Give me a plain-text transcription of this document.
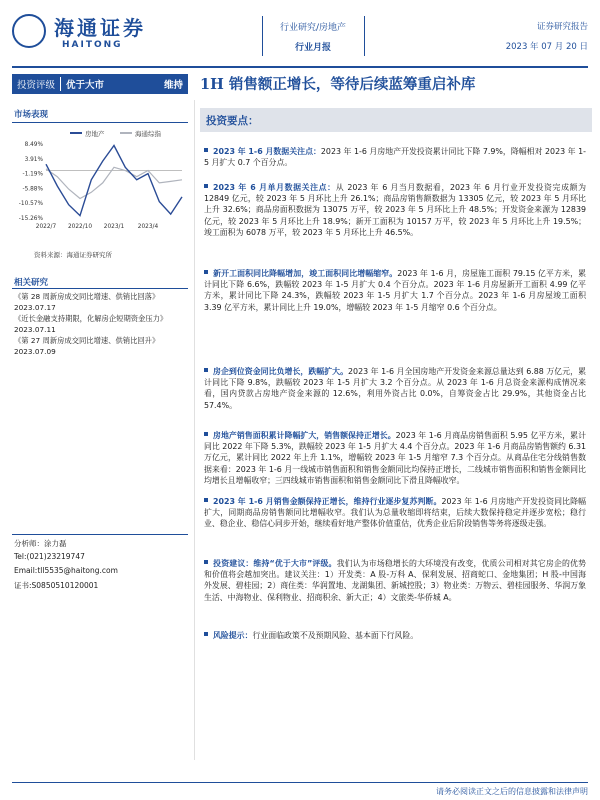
海通证券
HAITONG
行业研究/房地产
行业月报
证券研究报告
2023 年 07 月 20 日
投资评级	优于大市	维持	1H 销售额正增长，等待后续蓝筹重启补库
市场表现
房地产	海通综指
8.49%
3.91%
-1.19%
-5.88%
-10.57%
-15.26%
2022/7 2022/10 2023/1 2023/4
资料来源：海通证券研究所
相关研究
《第 28 周新房成交同比增速、供销比回落》2023.07.17
《近长金融支持期限，化解房企短期资金压力》2023.07.11
《第 27 周新房成交同比增速、供销比回升》2023.07.09
分析师：涂力磊
Tel:(021)23219747
Email:tll5535@haitong.com
证书:S0850510120001
投资要点：
2023 年 1-6 月数据关注点：2023 年 1-6 月房地产开发投资累计同比下降 7.9%，降幅相对 2023 年 1-5 月扩大 0.7 个百分点。
2023 年 6 月单月数据关注点：从 2023 年 6 月当月数据看，2023 年 6 月行业开发投资完成额为 12849 亿元，较 2023 年 5 月环比上升 26.1%；商品房销售额数据为 13305 亿元，较 2023 年 5 月环比上升 32.6%；商品房面积数据为 13075 万平，较 2023 年 5 月环比上升 48.5%；开发资金来源为 12839 亿元，较 2023 年 5 月环比上升 18.9%；新开工面积为 10157 万平，较 2023 年 5 月环比上升 19.5%；竣工面积为 6078 万平，较 2023 年 5 月环比上升 46.5%。
新开工面积同比降幅增加，竣工面积同比增幅缩窄。2023 年 1-6 月，房屋施工面积 79.15 亿平方米，累计同比下降 6.6%，跌幅较 2023 年 1-5 月扩大 0.4 个百分点。2023 年 1-6 月房屋新开工面积 4.99 亿平方米，累计同比下降 24.3%，跌幅较 2023 年 1-5 月扩大 1.7 个百分点。2023 年 1-6 月房屋竣工面积 3.39 亿平方米，累计同比上升 19.0%，增幅较 2023 年 1-5 月缩窄 0.6 个百分点。
房企到位资金同比负增长，跌幅扩大。2023 年 1-6 月全国房地产开发资金来源总量达到 6.88 万亿元，累计同比下降 9.8%，跌幅较 2023 年 1-5 月扩大 3.2 个百分点。从 2023 年 1-6 月总资金来源构成情况来看，国内贷款占房地产资金来源的 12.6%，利用外资占比 0.0%，自筹资金占比 29.9%，其他资金占比 57.4%。
房地产销售面积累计降幅扩大，销售额保持正增长。2023 年 1-6 月商品房销售面积 5.95 亿平方米，累计同比 2022 年下降 5.3%，跌幅较 2023 年 1-5 月扩大 4.4 个百分点。2023 年 1-6 月商品房销售额约 6.31 万亿元，累计同比 2022 年上升 1.1%，增幅较 2023 年 1-5 月缩窄 7.3 个百分点。从商品住宅分线销售数据来看：2023 年 1-6 月一线城市销售面积和销售金额同比均保持正增长，二线城市销售面积和销售金额同比均增长且增幅收窄；三四线城市销售面积和销售金额同比下滑且降幅收窄。
2023 年 1-6 月销售金额保持正增长，维持行业逐步复苏判断。2023 年 1-6 月房地产开发投资同比降幅扩大，同期商品房销售额同比增幅收窄。我们认为总量收缩即将结束，后续大数保持稳定并逐步宽松；稳行业、稳企业、稳信心同步开始，继续看好地产整体价值重估，优秀企业后阶段销售等务将逐级走强。
投资建议：维持“优于大市”评级。我们认为市场稳增长的大环境没有改变，优质公司相对其它房企的优势和价值将会越加突出。建议关注：1）开发类：A 股-万科 A、保利发展、招商蛇口、金地集团；H 股-中国海外发展、碧桂园；2）商住类：华润置地、龙湖集团、新城控股；3）物业类：万物云、碧桂园服务、华润万象生活、中海物业、保利物业、招商积余、新大正；4）文旅类-华侨城 A。
风险提示：行业面临政策不及预期风险、基本面下行风险。
请务必阅读正文之后的信息披露和法律声明
